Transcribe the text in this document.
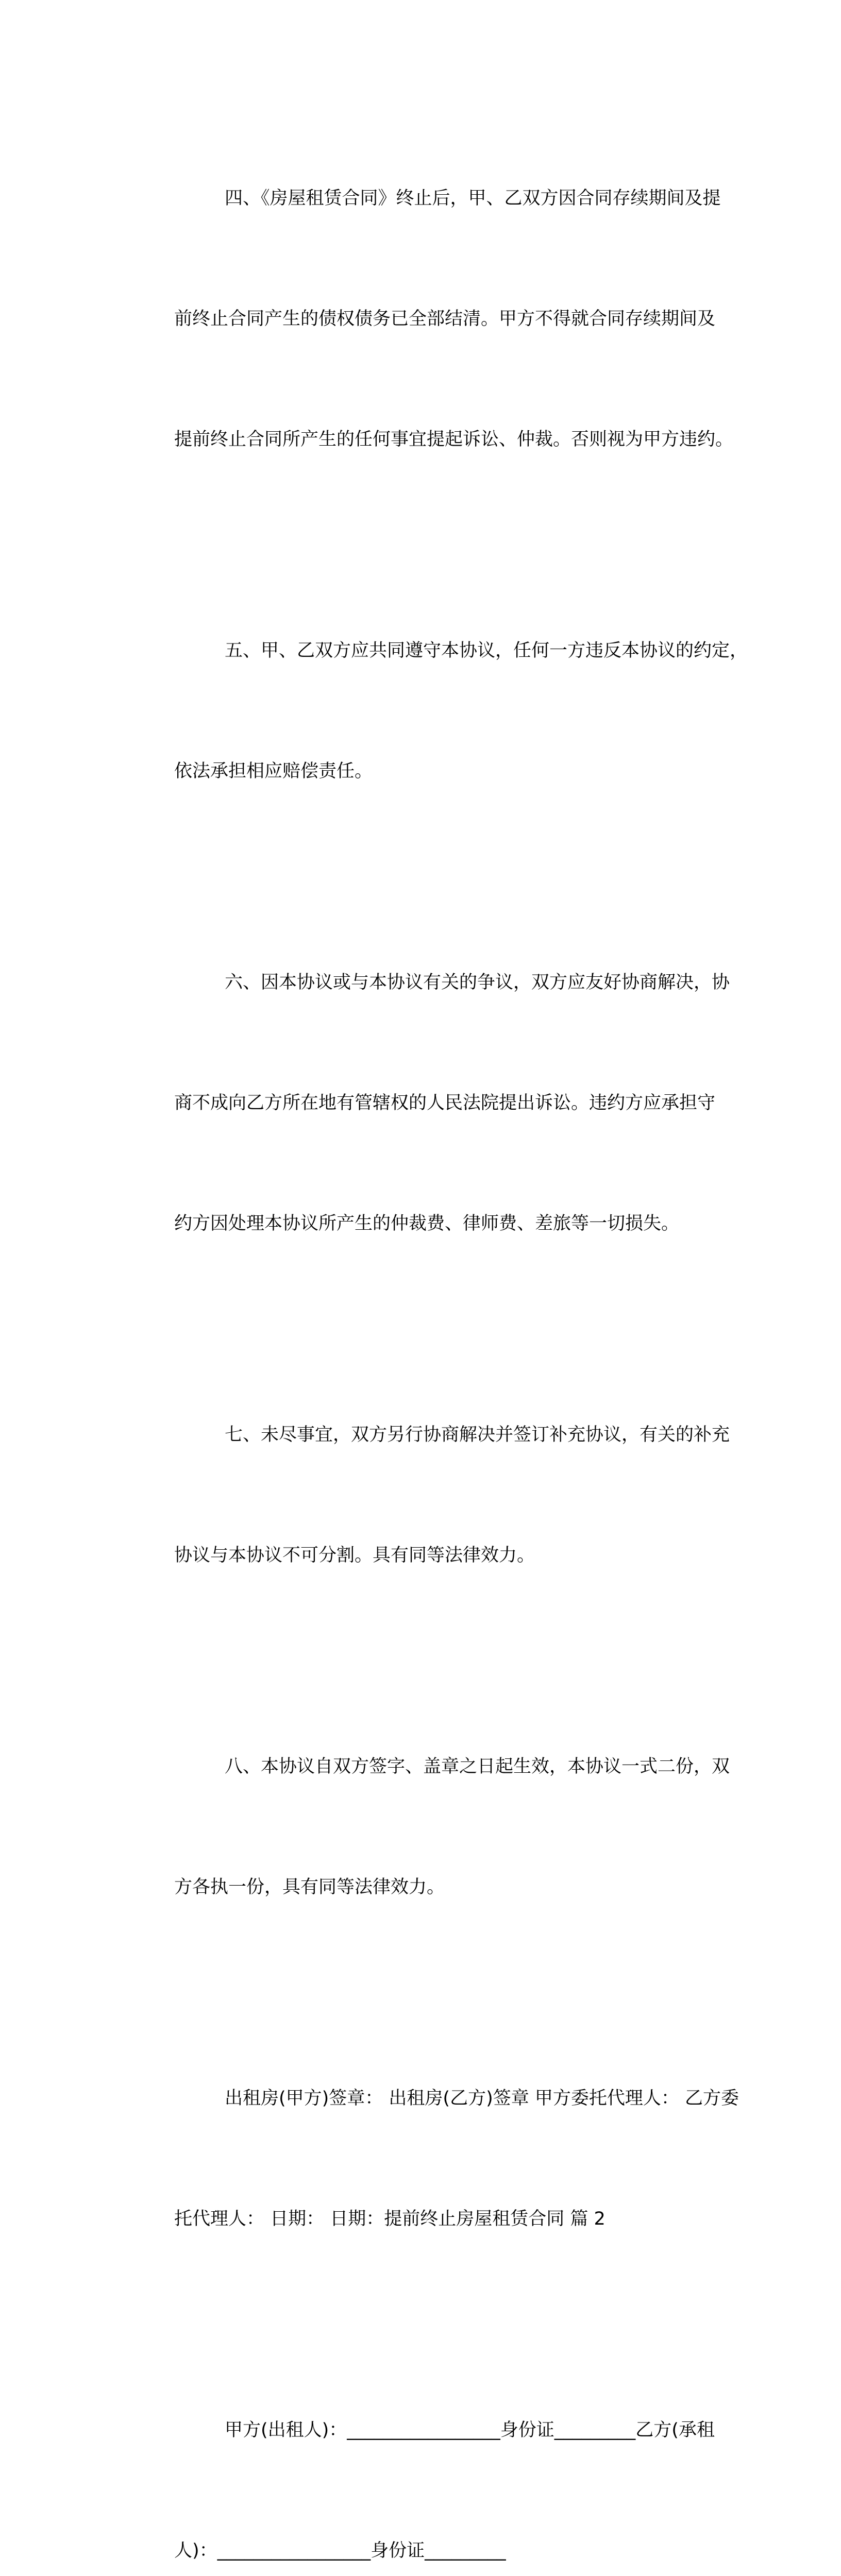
四、《房屋租赁合同》终止后，甲、乙双方因合同存续期间及提

前终止合同产生的债权债务已全部结清。甲方不得就合同存续期间及

提前终止合同所产生的任何事宜提起诉讼、仲裁。否则视为甲方违约。

五、甲、乙双方应共同遵守本协议，任何一方违反本协议的约定，

依法承担相应赔偿责任。

六、因本协议或与本协议有关的争议，双方应友好协商解决，协

商不成向乙方所在地有管辖权的人民法院提出诉讼。违约方应承担守

约方因处理本协议所产生的仲裁费、律师费、差旅等一切损失。

七、未尽事宜，双方另行协商解决并签订补充协议，有关的补充

协议与本协议不可分割。具有同等法律效力。

八、本协议自双方签字、盖章之日起生效，本协议一式二份，双

方各执一份，具有同等法律效力。

出租房(甲方)签章： 出租房(乙方)签章 甲方委托代理人： 乙方委

托代理人： 日期： 日期：提前终止房屋租赁合同 篇 2

甲方(出租人)：_________________身份证_________乙方(承租

人)：_________________身份证_________
